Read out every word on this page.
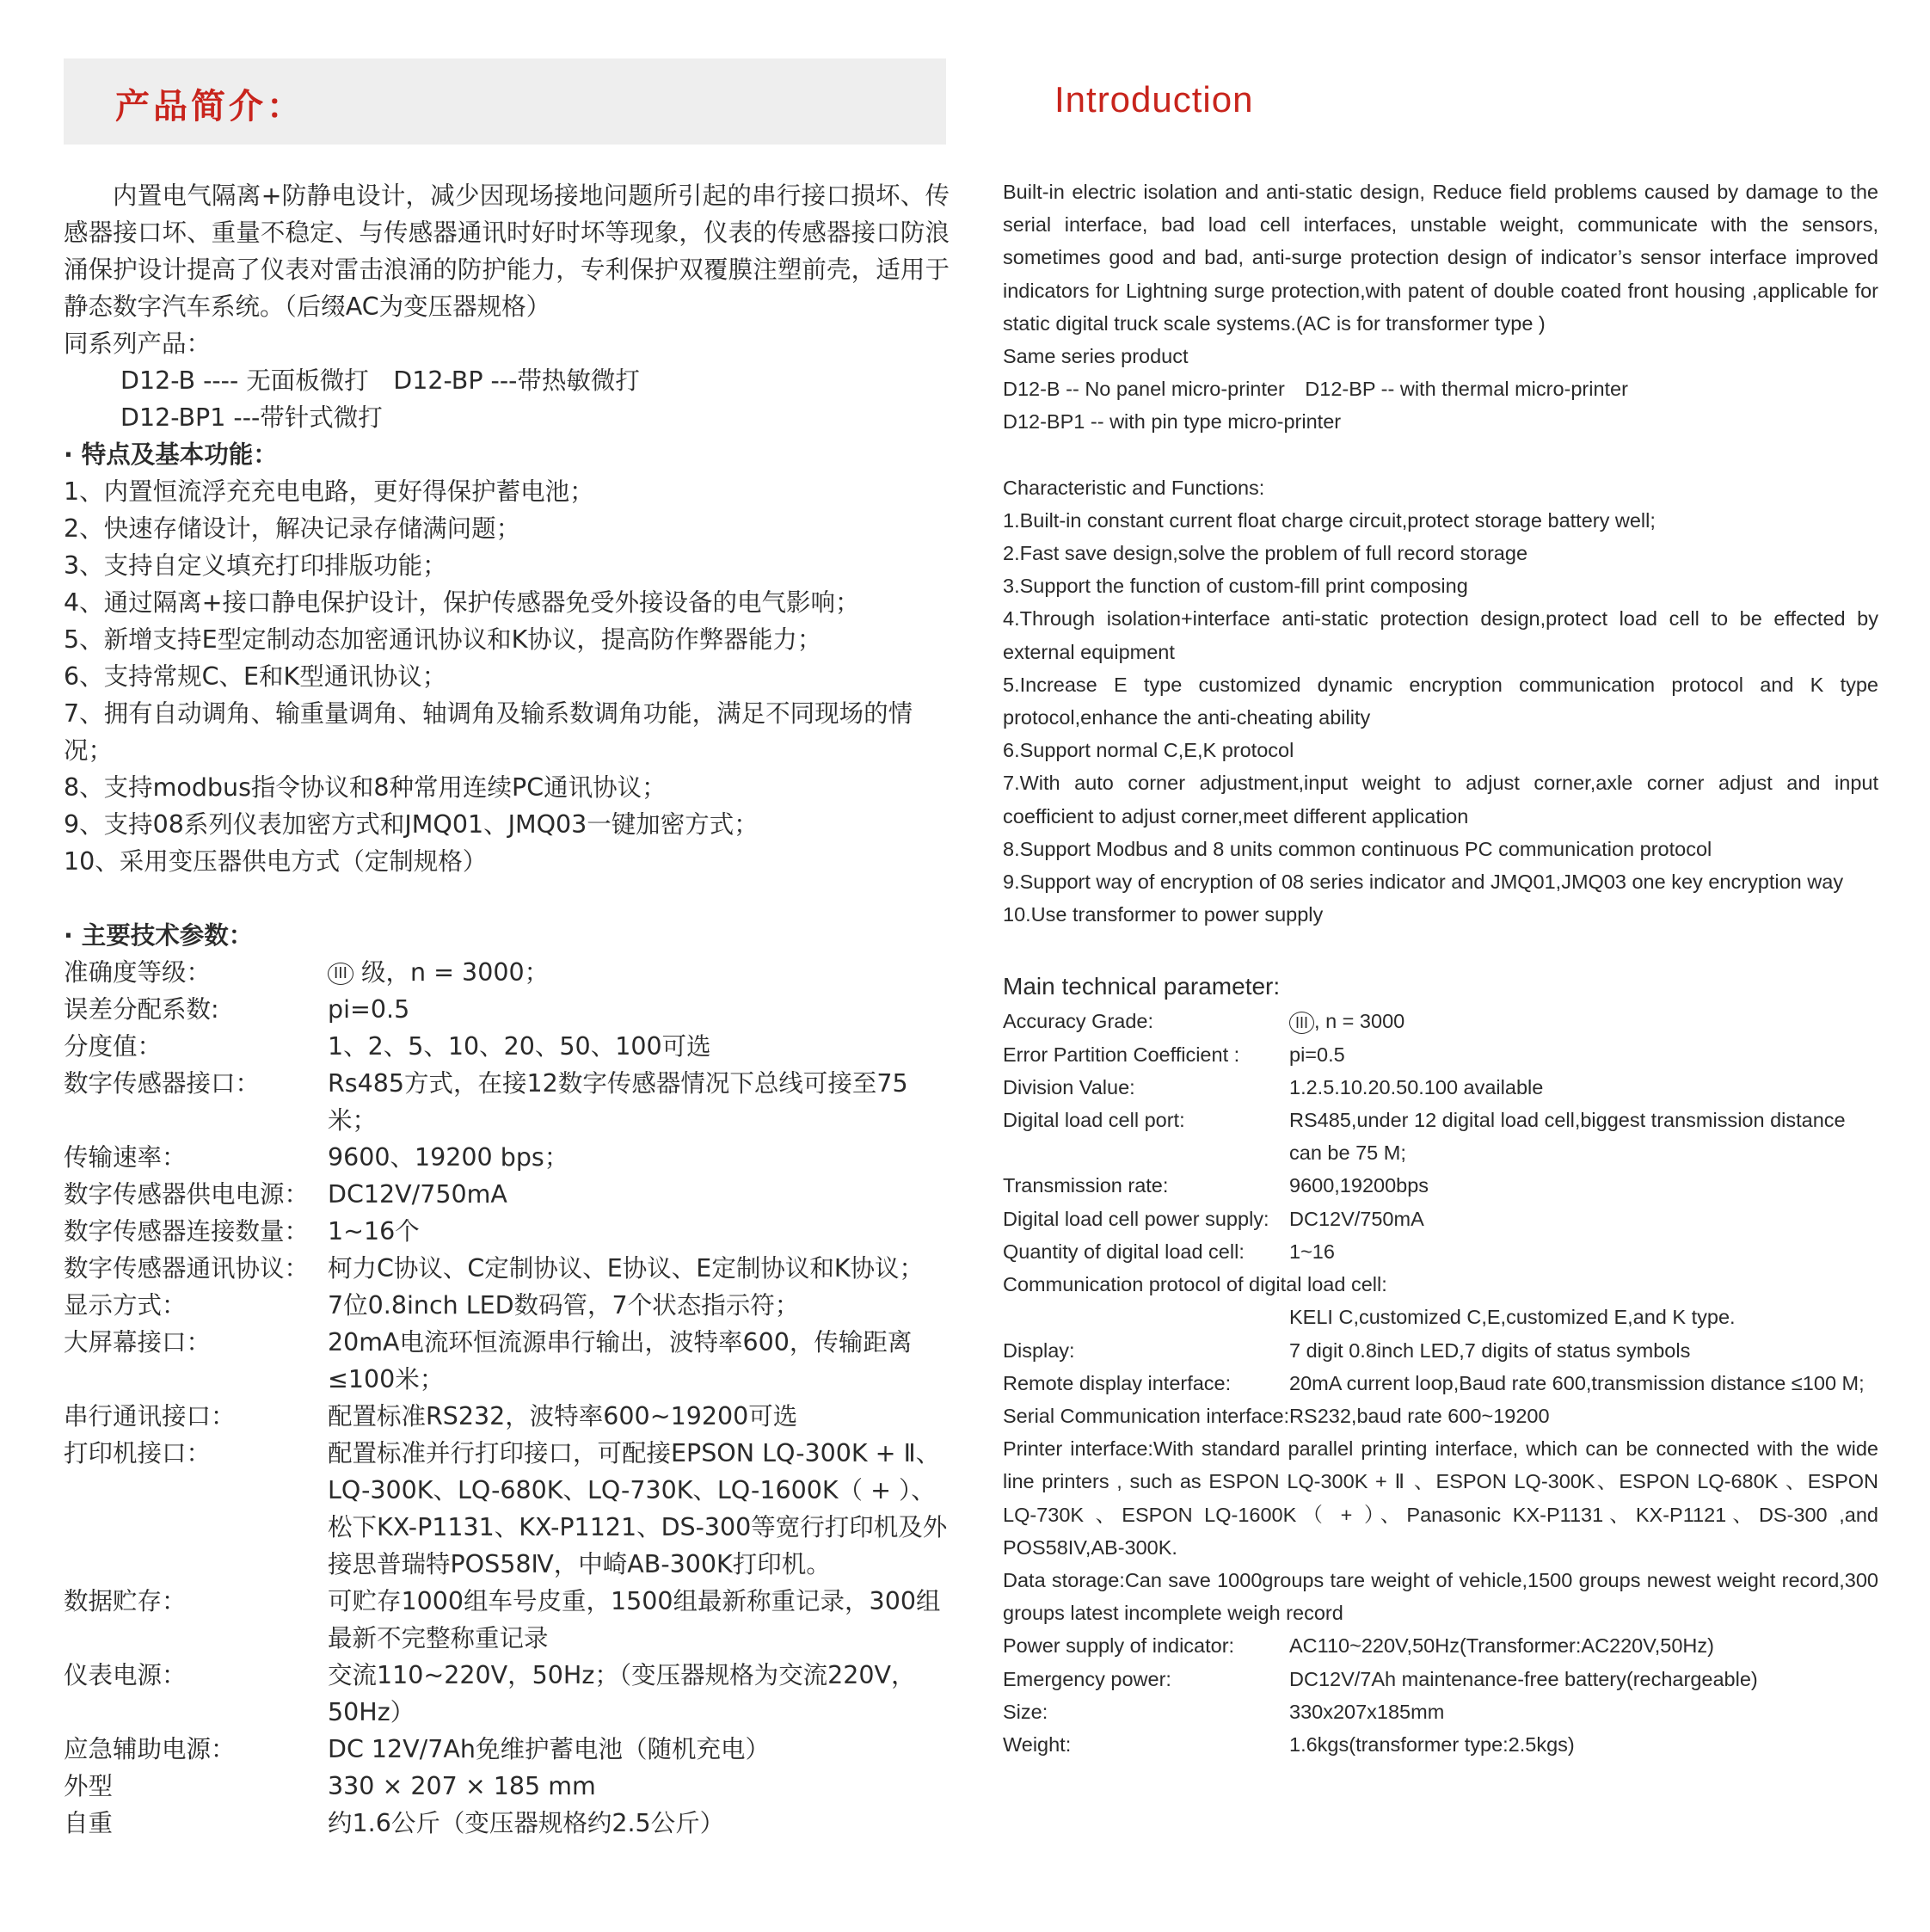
产品简介：	Introduction

内置电气隔离+防静电设计，减少因现场接地问题所引起的串行接口损坏、传感器接口坏、重量不稳定、与传感器通讯时好时坏等现象，仪表的传感器接口防浪涌保护设计提高了仪表对雷击浪涌的防护能力，专利保护双覆膜注塑前壳，适用于静态数字汽车系统。（后缀AC为变压器规格）

同系列产品：

D12-B ---- 无面板微打　D12-BP ---带热敏微打

D12-BP1 ---带针式微打

· 特点及基本功能：

1、内置恒流浮充充电电路，更好得保护蓄电池；

2、快速存储设计，解决记录存储满问题；

3、支持自定义填充打印排版功能；

4、通过隔离+接口静电保护设计，保护传感器免受外接设备的电气影响；

5、新增支持E型定制动态加密通讯协议和K协议，提高防作弊器能力；

6、支持常规C、E和K型通讯协议；

7、拥有自动调角、输重量调角、轴调角及输系数调角功能，满足不同现场的情况；

8、支持modbus指令协议和8种常用连续PC通讯协议；

9、支持08系列仪表加密方式和JMQ01、JMQ03一键加密方式；

10、采用变压器供电方式（定制规格）

· 主要技术参数：

准确度等级：	III 级，n = 3000；
误差分配系数:	pi=0.5
分度值：	1、2、5、10、20、50、100可选
数字传感器接口：	Rs485方式，在接12数字传感器情况下总线可接至75米；
传输速率：	9600、19200 bps；
数字传感器供电电源： DC12V/750mA
数字传感器连接数量： 1~16个
数字传感器通讯协议： 柯力C协议、C定制协议、E协议、E定制协议和K协议；
显示方式：	7位0.8inch LED数码管，7个状态指示符；
大屏幕接口：	20mA电流环恒流源串行输出，波特率600，传输距离≤100米；
串行通讯接口：	配置标准RS232，波特率600~19200可选
打印机接口：	配置标准并行打印接口，可配接EPSON LQ-300K + Ⅱ、LQ-300K、LQ-680K、LQ-730K、LQ-1600K（ + ）、松下KX-P1131、KX-P1121、DS-300等宽行打印机及外接思普瑞特POS58Ⅳ，中崎AB-300K打印机。
数据贮存：	可贮存1000组车号皮重，1500组最新称重记录，300组最新不完整称重记录
仪表电源：	交流110~220V，50Hz；（变压器规格为交流220V，50Hz）
应急辅助电源：	DC 12V/7Ah免维护蓄电池（随机充电）
外型	330 × 207 × 185 mm
自重	约1.6公斤（变压器规格约2.5公斤）

Built-in electric isolation and anti-static design, Reduce field problems caused by damage to the serial interface, bad load cell interfaces, unstable weight, communicate with the sensors, sometimes good and bad, anti-surge protection design of indicator’s sensor interface improved indicators for Lightning surge protection,with patent of double coated front housing ,applicable for static digital truck scale systems.(AC is for transformer type )

Same series product

D12-B -- No panel micro-printer　D12-BP -- with thermal micro-printer

D12-BP1 -- with pin type micro-printer

Characteristic and Functions:

1.Built-in constant current float charge circuit,protect storage battery well;

2.Fast save design,solve the problem of full record storage

3.Support the function of custom-fill print composing

4.Through isolation+interface anti-static protection design,protect load cell to be effected by external equipment

5.Increase E type customized dynamic encryption communication protocol and K type protocol,enhance the anti-cheating ability

6.Support normal C,E,K protocol

7.With auto corner adjustment,input weight to adjust corner,axle corner adjust and input coefficient to adjust corner,meet different application

8.Support Modbus and 8 units common continuous PC communication protocol

9.Support way of encryption of 08 series indicator and JMQ01,JMQ03 one key encryption way

10.Use transformer to power supply

Main technical parameter:

Accuracy Grade:	III , n = 3000
Error Partition Coefficient :	pi=0.5
Division Value:	1.2.5.10.20.50.100 available
Digital load cell port:	RS485,under 12 digital load cell,biggest transmission distance can be 75 M;
Transmission rate:	9600,19200bps
Digital load cell power supply: DC12V/750mA
Quantity of digital load cell:	1~16

Communication protocol of digital load cell:

KELI C,customized C,E,customized E,and K type.
Display:	7 digit 0.8inch LED,7 digits of status symbols
Remote display interface:	20mA current loop,Baud rate 600,transmission distance ≤100 M;

Serial Communication interface:RS232,baud rate 600~19200

Printer interface:With standard parallel printing interface, which can be connected with the wide line printers , such as ESPON LQ-300K + Ⅱ 、ESPON LQ-300K、ESPON LQ-680K 、ESPON LQ-730K 、ESPON LQ-1600K（ + ）、Panasonic KX-P1131、KX-P1121、DS-300 ,and POS58IV,AB-300K.

Data storage:Can save 1000groups tare weight of vehicle,1500 groups newest weight record,300 groups latest incomplete weigh record

Power supply of indicator:	AC110~220V,50Hz(Transformer:AC220V,50Hz)
Emergency power:	DC12V/7Ah maintenance-free battery(rechargeable)
Size:	330x207x185mm
Weight:	1.6kgs(transformer type:2.5kgs)
